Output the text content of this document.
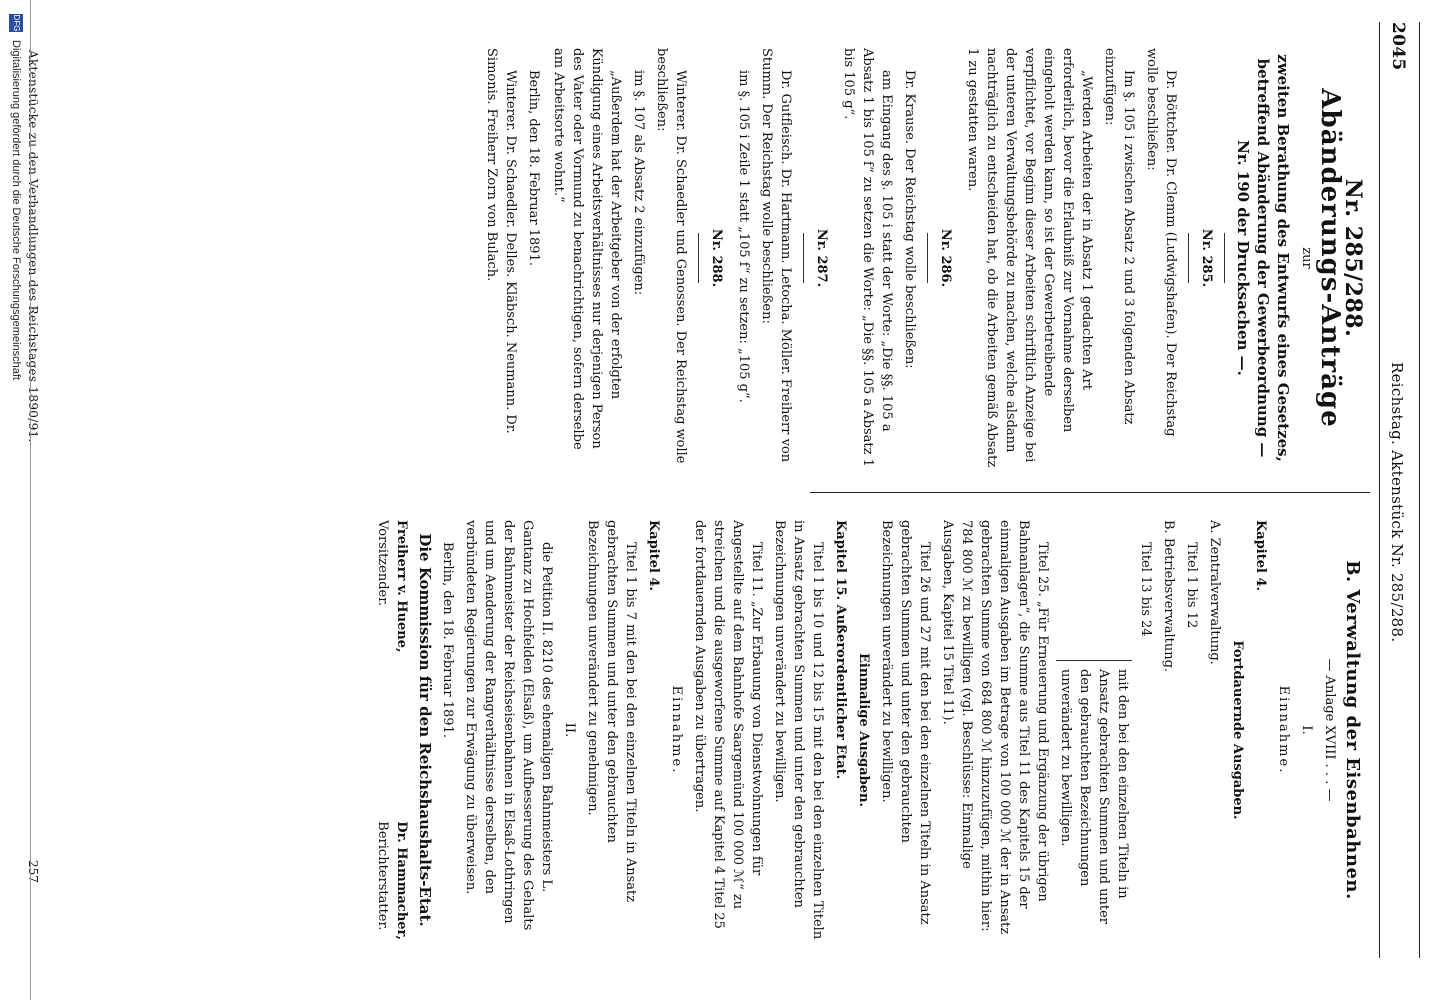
2045
Reichstag. Aktenstück Nr. 285/288.

Nr. 285/288.

Abänderungs-Anträge

zur

zweiten Berathung des Entwurfs eines Gesetzes, betreffend Abänderung der Gewerbeordnung — Nr. 190 der Drucksachen —.

Nr. 285.

Dr. Böttcher. Dr. Clemm (Ludwigshafen). Der Reichstag wolle beschließen:

Im §. 105 i zwischen Absatz 2 und 3 folgenden Absatz einzufügen:

„Werden Arbeiten der in Absatz 1 gedachten Art erforderlich, bevor die Erlaubniß zur Vornahme derselben eingeholt werden kann, so ist der Gewerbetreibende verpflichtet, vor Beginn dieser Arbeiten schriftlich Anzeige bei der unteren Verwaltungsbehörde zu machen, welche alsdann nachträglich zu entscheiden hat, ob die Arbeiten gemäß Absatz 1 zu gestatten waren.

Nr. 286.

Dr. Krause. Der Reichstag wolle beschließen:

am Eingang des §. 105 i statt der Worte: „Die §§. 105 a Absatz 1 bis 105 f“ zu setzen die Worte: „Die §§. 105 a Absatz 1 bis 105 g“.

Nr. 287.

Dr. Gutfleisch. Dr. Hartmann. Letocha. Möller. Freiherr von Stumm. Der Reichstag wolle beschließen:

im §. 105 i Zeile 1 statt „105 f“ zu setzen: „105 g“.

Nr. 288.

Winterer. Dr. Schaedler und Genossen. Der Reichstag wolle beschließen:

im §. 107 als Absatz 2 einzufügen:

„Außerdem hat der Arbeitgeber von der erfolgten Kündigung eines Arbeitsverhältnisses nur derjenigen Person des Vater oder Vormund zu benachrichtigen, sofern derselbe am Arbeitsorte wohnt.“

Berlin, den 18. Februar 1891.

Winterer. Dr. Schaedler. Delles. Kläbsch. Neumann. Dr. Simonis. Freiherr Zorn von Bulach.

B. Verwaltung der Eisenbahnen.

— Anlage XVIII . . . —

I.

Einnahme.

Kapitel 4.

Fortdauernde Ausgaben.

A. Zentralverwaltung.

Titel 1 bis 12

B. Betriebsverwaltung.

Titel 13 bis 24

mit den bei den einzelnen Titeln in Ansatz gebrachten Summen und unter den gebrauchten Bezeichnungen unverändert zu bewilligen.

Titel 25. „Für Erneuerung und Ergänzung der übrigen Bahnanlagen“, die Summe aus Titel 11 des Kapitels 15 der einmaligen Ausgaben im Betrage von 100 000 ℳ der in Ansatz gebrachten Summe von 684 800 ℳ hinzuzufügen, mithin hier: 784 800 ℳ zu bewilligen (vgl. Beschlüsse: Einmalige Ausgaben, Kapitel 15 Titel 11).

Titel 26 und 27 mit den bei den einzelnen Titeln in Ansatz gebrachten Summen und unter den gebrauchten Bezeichnungen unverändert zu bewilligen.

Einmalige Ausgaben.

Kapitel 15. Außerordentlicher Etat.

Titel 1 bis 10 und 12 bis 15 mit den bei den einzelnen Titeln in Ansatz gebrachten Summen und unter den gebrauchten Bezeichnungen unverändert zu bewilligen.

Titel 11. „Zur Erbauung von Dienstwohnungen für Angestellte auf dem Bahnhofe Saargemünd 100 000 ℳ“ zu streichen und die ausgeworfene Summe auf Kapitel 4 Titel 25 der fortdauernden Ausgaben zu übertragen.

Einnahme.

Kapitel 4.

Titel 1 bis 7 mit den bei den einzelnen Titeln in Ansatz gebrachten Summen und unter den gebrauchten Bezeichnungen unverändert zu genehmigen.

II.

die Petition II. 8210 des ehemaligen Bahnmeisters L. Gantanz zu Hochfelden (Elsaß), um Aufbesserung des Gehalts der Bahnmeister der Reichseisenbahnen in Elsaß-Lothringen und um Aenderung der Rangverhältnisse derselben, den verbündeten Regierungen zur Erwägung zu überweisen.

Berlin, den 18. Februar 1891.

Die Kommission für den Reichshaushalts-Etat.

Freiherr v. Huene,
Vorsitzender.
Dr. Hammacher,
Berichterstatter.
Aktenstücke zu den Verhandlungen des Reichstages 1890/91.
257
DFG
Digitalisierung gefördert durch die Deutsche Forschungsgemeinschaft
